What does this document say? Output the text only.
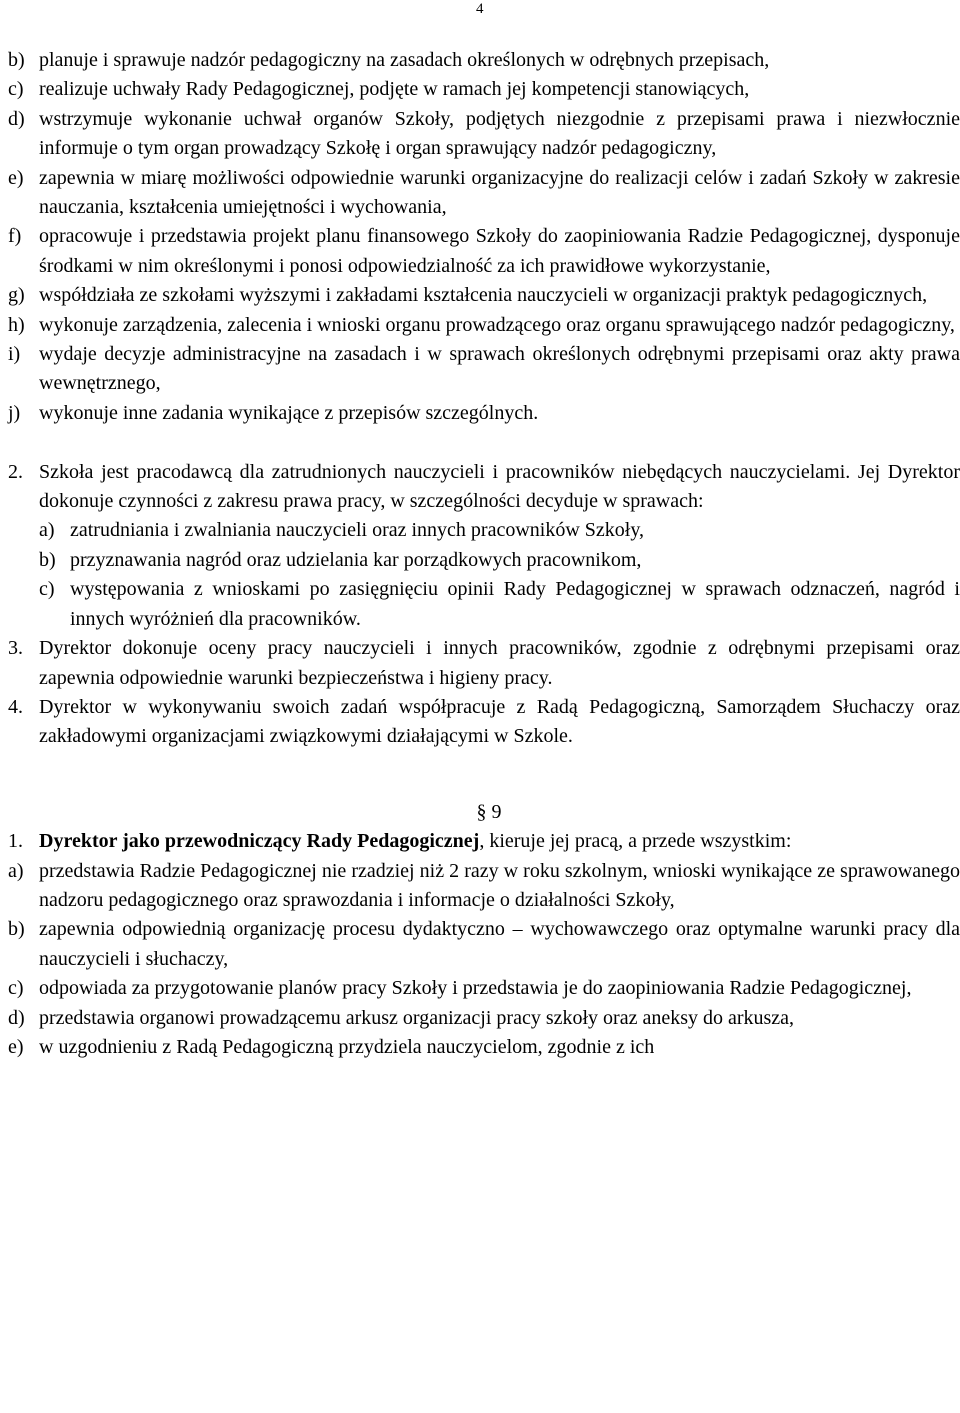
4
b) planuje i sprawuje nadzór pedagogiczny na zasadach określonych w odrębnych przepisach,
c) realizuje uchwały Rady Pedagogicznej, podjęte w ramach jej kompetencji stanowiących,
d) wstrzymuje wykonanie uchwał organów Szkoły, podjętych niezgodnie z przepisami prawa i niezwłocznie informuje o tym organ prowadzący Szkołę i organ sprawujący nadzór pedagogiczny,
e) zapewnia w miarę możliwości odpowiednie warunki organizacyjne do realizacji celów i zadań Szkoły w zakresie nauczania, kształcenia umiejętności i wychowania,
f) opracowuje i przedstawia projekt planu finansowego Szkoły do zaopiniowania Radzie Pedagogicznej, dysponuje środkami w nim określonymi i ponosi odpowiedzialność za ich prawidłowe wykorzystanie,
g) współdziała ze szkołami wyższymi i zakładami kształcenia nauczycieli w organizacji praktyk pedagogicznych,
h) wykonuje zarządzenia, zalecenia i wnioski organu prowadzącego oraz organu sprawującego nadzór pedagogiczny,
i) wydaje decyzje administracyjne na zasadach i w sprawach określonych odrębnymi przepisami oraz akty prawa wewnętrznego,
j) wykonuje inne zadania wynikające z przepisów szczególnych.
2. Szkoła jest pracodawcą dla zatrudnionych nauczycieli i pracowników niebędących nauczycielami. Jej Dyrektor dokonuje czynności z zakresu prawa pracy, w szczególności decyduje w sprawach:
a) zatrudniania i zwalniania nauczycieli oraz innych pracowników Szkoły,
b) przyznawania nagród oraz udzielania kar porządkowych pracownikom,
c) występowania z wnioskami po zasięgnięciu opinii Rady Pedagogicznej w sprawach odznaczeń, nagród i innych wyróżnień dla pracowników.
3. Dyrektor dokonuje oceny pracy nauczycieli i innych pracowników, zgodnie z odrębnymi przepisami oraz zapewnia odpowiednie warunki bezpieczeństwa i higieny pracy.
4. Dyrektor w wykonywaniu swoich zadań współpracuje z Radą Pedagogiczną, Samorządem Słuchaczy oraz zakładowymi organizacjami związkowymi działającymi w Szkole.
§ 9
1. Dyrektor jako przewodniczący Rady Pedagogicznej, kieruje jej pracą, a przede wszystkim:
a) przedstawia Radzie Pedagogicznej nie rzadziej niż 2 razy w roku szkolnym, wnioski wynikające ze sprawowanego nadzoru pedagogicznego oraz sprawozdania i informacje o działalności Szkoły,
b) zapewnia odpowiednią organizację procesu dydaktyczno – wychowawczego oraz optymalne warunki pracy dla nauczycieli i słuchaczy,
c) odpowiada za przygotowanie planów pracy Szkoły i przedstawia je do zaopiniowania Radzie Pedagogicznej,
d) przedstawia organowi prowadzącemu arkusz organizacji pracy szkoły oraz aneksy do arkusza,
e) w uzgodnieniu z Radą Pedagogiczną przydziela nauczycielom, zgodnie z ich
